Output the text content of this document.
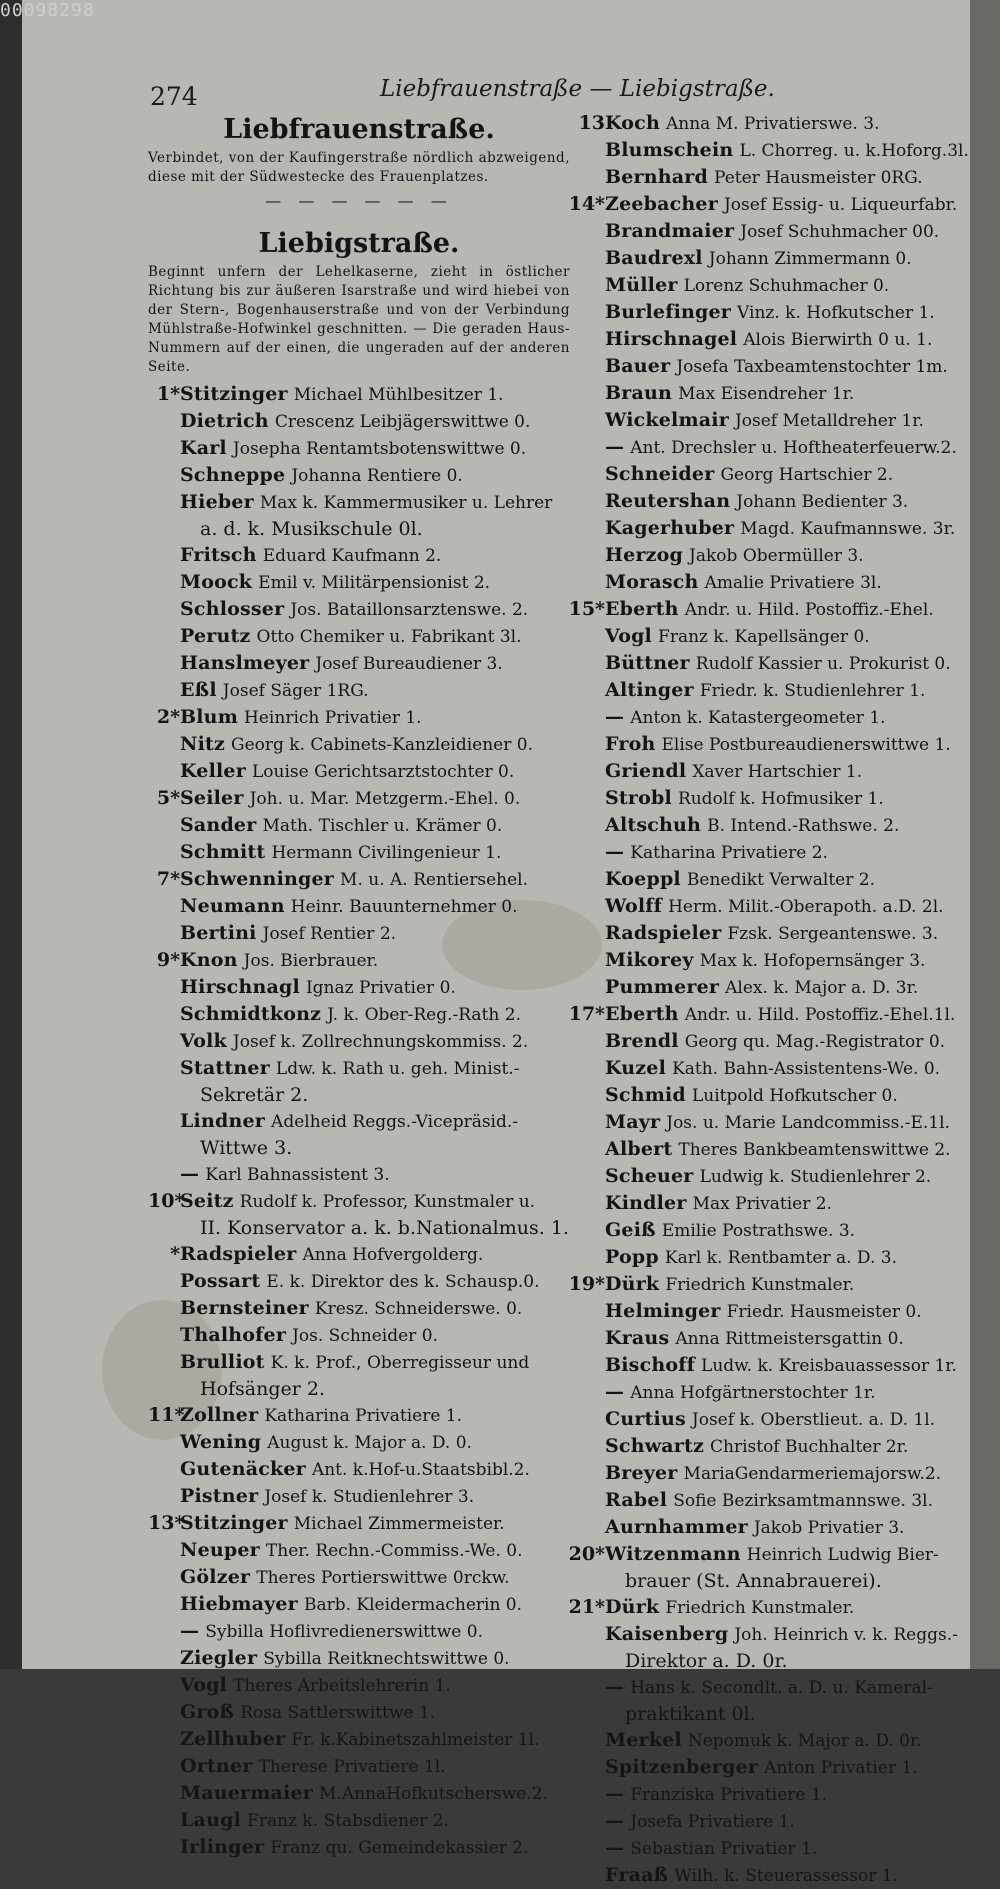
00098298
274	Liebfrauenstraße — Liebigstraße.
Liebfrauenstraße.
Verbindet, von der Kaufingerstraße nördlich abzweigend, diese mit der Südwestecke des Frauenplatzes.
— — — — — —
Liebigstraße.
Beginnt unfern der Lehelkaserne, zieht in östlicher Richtung bis zur äußeren Isarstraße und wird hiebei von der Stern-, Bogenhauserstraße und von der Verbindung Mühlstraße-Hofwinkel geschnitten. — Die geraden Haus-Nummern auf der einen, die ungeraden auf der anderen Seite.
1*Stitzinger Michael Mühlbesitzer 1.
Dietrich Crescenz Leibjägerswittwe 0.
Karl Josepha Rentamtsbotenswittwe 0.
Schneppe Johanna Rentiere 0.
Hieber Max k. Kammermusiker u. Lehrer
a. d. k. Musikschule 0l.
Fritsch Eduard Kaufmann 2.
Moock Emil v. Militärpensionist 2.
Schlosser Jos. Bataillonsarztenswe. 2.
Perutz Otto Chemiker u. Fabrikant 3l.
Hanslmeyer Josef Bureaudiener 3.
Eßl Josef Säger 1RG.
2*Blum Heinrich Privatier 1.
Nitz Georg k. Cabinets-Kanzleidiener 0.
Keller Louise Gerichtsarztstochter 0.
5*Seiler Joh. u. Mar. Metzgerm.-Ehel. 0.
Sander Math. Tischler u. Krämer 0.
Schmitt Hermann Civilingenieur 1.
7*Schwenninger M. u. A. Rentiersehel.
Neumann Heinr. Bauunternehmer 0.
Bertini Josef Rentier 2.
9*Knon Jos. Bierbrauer.
Hirschnagl Ignaz Privatier 0.
Schmidtkonz J. k. Ober-Reg.-Rath 2.
Volk Josef k. Zollrechnungskommiss. 2.
Stattner Ldw. k. Rath u. geh. Minist.-
Sekretär 2.
Lindner Adelheid Reggs.-Vicepräsid.-
Wittwe 3.
— Karl Bahnassistent 3.
10*Seitz Rudolf k. Professor, Kunstmaler u.
II. Konservator a. k. b.Nationalmus. 1.
*Radspieler Anna Hofvergolderg.
Possart E. k. Direktor des k. Schausp.0.
Bernsteiner Kresz. Schneiderswe. 0.
Thalhofer Jos. Schneider 0.
Brulliot K. k. Prof., Oberregisseur und
Hofsänger 2.
11*Zollner Katharina Privatiere 1.
Wening August k. Major a. D. 0.
Gutenäcker Ant. k.Hof-u.Staatsbibl.2.
Pistner Josef k. Studienlehrer 3.
13*Stitzinger Michael Zimmermeister.
Neuper Ther. Rechn.-Commiss.-We. 0.
Gölzer Theres Portierswittwe 0rckw.
Hiebmayer Barb. Kleidermacherin 0.
— Sybilla Hoflivredienerswittwe 0.
Ziegler Sybilla Reitknechtswittwe 0.
Vogl Theres Arbeitslehrerin 1.
Groß Rosa Sattlerswittwe 1.
Zellhuber Fr. k.Kabinetszahlmeister 1l.
Ortner Therese Privatiere 1l.
Mauermaier M.AnnaHofkutscherswe.2.
Laugl Franz k. Stabsdiener 2.
Irlinger Franz qu. Gemeindekassier 2.
13Koch Anna M. Privatierswe. 3.
Blumschein L. Chorreg. u. k.Hoforg.3l.
Bernhard Peter Hausmeister 0RG.
14*Zeebacher Josef Essig- u. Liqueurfabr.
Brandmaier Josef Schuhmacher 00.
Baudrexl Johann Zimmermann 0.
Müller Lorenz Schuhmacher 0.
Burlefinger Vinz. k. Hofkutscher 1.
Hirschnagel Alois Bierwirth 0 u. 1.
Bauer Josefa Taxbeamtenstochter 1m.
Braun Max Eisendreher 1r.
Wickelmair Josef Metalldreher 1r.
— Ant. Drechsler u. Hoftheaterfeuerw.2.
Schneider Georg Hartschier 2.
Reutershan Johann Bedienter 3.
Kagerhuber Magd. Kaufmannswe. 3r.
Herzog Jakob Obermüller 3.
Morasch Amalie Privatiere 3l.
15*Eberth Andr. u. Hild. Postoffiz.-Ehel.
Vogl Franz k. Kapellsänger 0.
Büttner Rudolf Kassier u. Prokurist 0.
Altinger Friedr. k. Studienlehrer 1.
— Anton k. Katastergeometer 1.
Froh Elise Postbureaudienerswittwe 1.
Griendl Xaver Hartschier 1.
Strobl Rudolf k. Hofmusiker 1.
Altschuh B. Intend.-Rathswe. 2.
— Katharina Privatiere 2.
Koeppl Benedikt Verwalter 2.
Wolff Herm. Milit.-Oberapoth. a.D. 2l.
Radspieler Fzsk. Sergeantenswe. 3.
Mikorey Max k. Hofopernsänger 3.
Pummerer Alex. k. Major a. D. 3r.
17*Eberth Andr. u. Hild. Postoffiz.-Ehel.1l.
Brendl Georg qu. Mag.-Registrator 0.
Kuzel Kath. Bahn-Assistentens-We. 0.
Schmid Luitpold Hofkutscher 0.
Mayr Jos. u. Marie Landcommiss.-E.1l.
Albert Theres Bankbeamtenswittwe 2.
Scheuer Ludwig k. Studienlehrer 2.
Kindler Max Privatier 2.
Geiß Emilie Postrathswe. 3.
Popp Karl k. Rentbamter a. D. 3.
19*Dürk Friedrich Kunstmaler.
Helminger Friedr. Hausmeister 0.
Kraus Anna Rittmeistersgattin 0.
Bischoff Ludw. k. Kreisbauassessor 1r.
— Anna Hofgärtnerstochter 1r.
Curtius Josef k. Oberstlieut. a. D. 1l.
Schwartz Christof Buchhalter 2r.
Breyer MariaGendarmeriemajorsw.2.
Rabel Sofie Bezirksamtmannswe. 3l.
Aurnhammer Jakob Privatier 3.
20*Witzenmann Heinrich Ludwig Bier-
brauer (St. Annabrauerei).
21*Dürk Friedrich Kunstmaler.
Kaisenberg Joh. Heinrich v. k. Reggs.-
Direktor a. D. 0r.
— Hans k. Secondlt. a. D. u. Kameral-
praktikant 0l.
Merkel Nepomuk k. Major a. D. 0r.
Spitzenberger Anton Privatier 1.
— Franziska Privatiere 1.
— Josefa Privatiere 1.
— Sebastian Privatier 1.
Fraaß Wilh. k. Steuerassessor 1.
